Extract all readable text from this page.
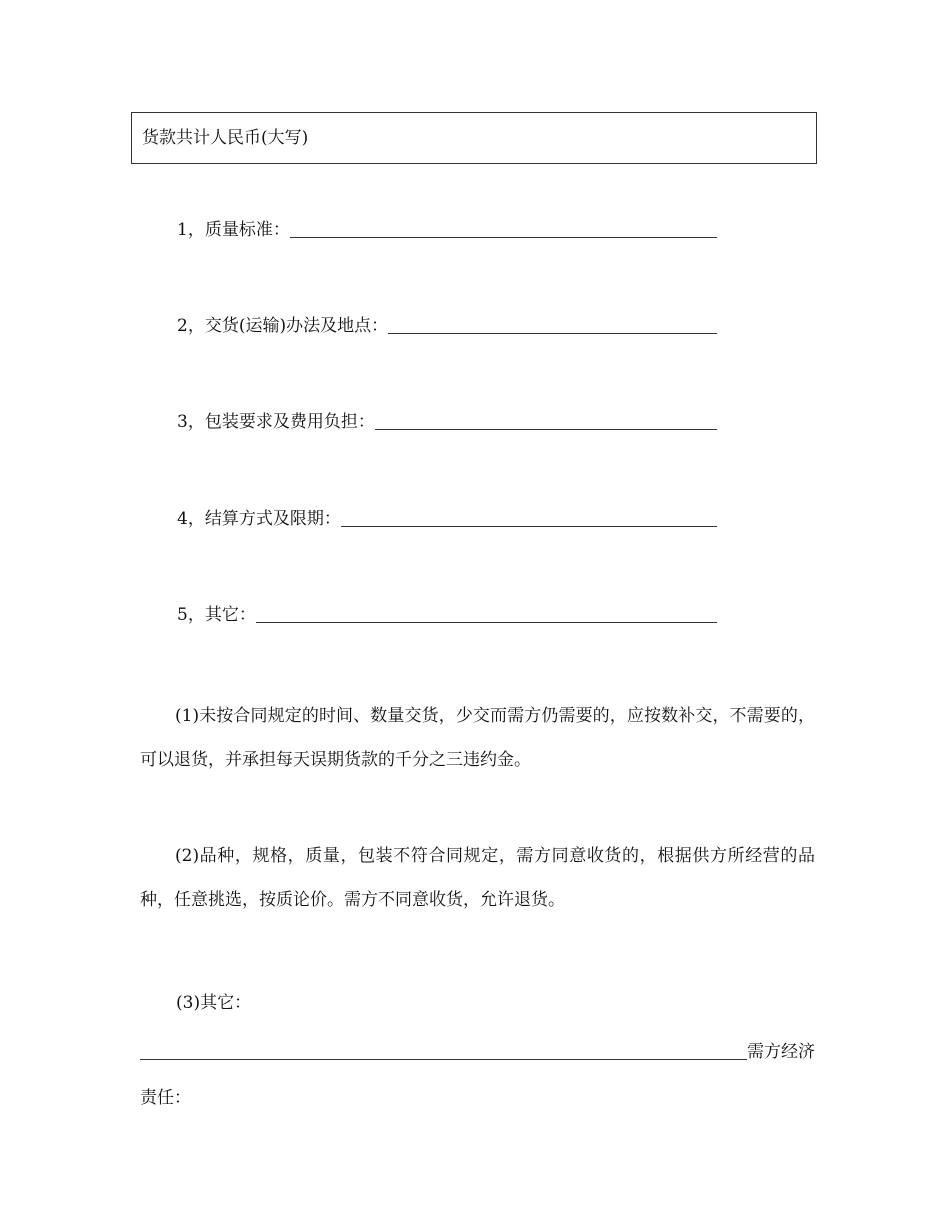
货款共计人民币(大写)
1，质量标准：
2，交货(运输)办法及地点：
3，包装要求及费用负担：
4，结算方式及限期：
5，其它：

(1)未按合同规定的时间、数量交货，少交而需方仍需要的，应按数补交，不需要的，可以退货，并承担每天误期货款的千分之三违约金。

(2)品种，规格，质量，包装不符合同规定，需方同意收货的，根据供方所经营的品种，任意挑选，按质论价。需方不同意收货，允许退货。

(3)其它：
需方经济
责任：
